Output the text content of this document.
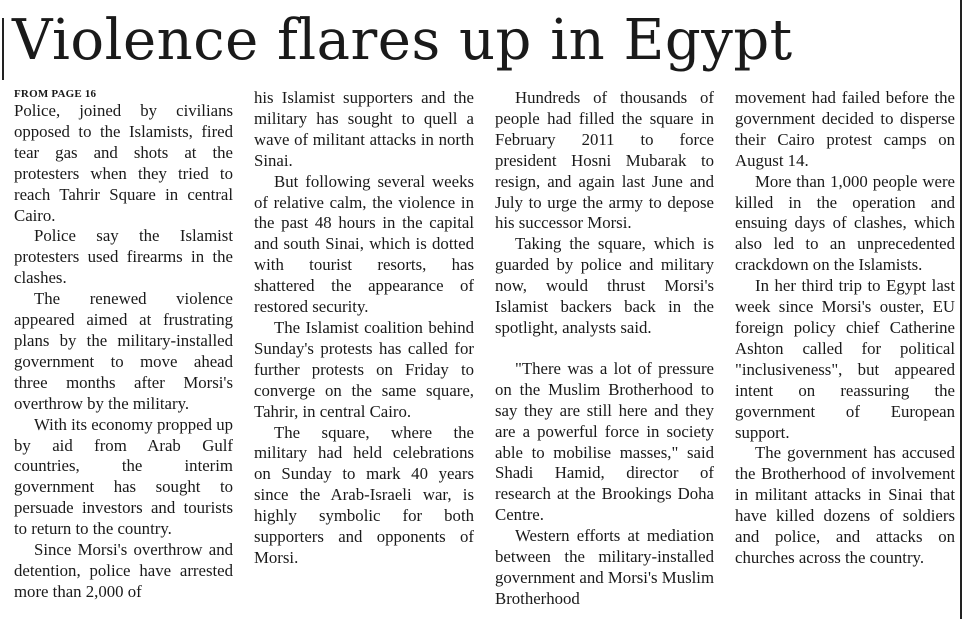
Violence flares up in Egypt
FROM PAGE 16

Police, joined by civilians opposed to the Islamists, fired tear gas and shots at the protesters when they tried to reach Tahrir Square in central Cairo.

Police say the Islamist protesters used firearms in the clashes.

The renewed violence appeared aimed at frustrating plans by the military-installed government to move ahead three months after Morsi's overthrow by the military.

With its economy propped up by aid from Arab Gulf countries, the interim government has sought to persuade investors and tourists to return to the country.

Since Morsi's overthrow and detention, police have arrested more than 2,000 of

his Islamist supporters and the military has sought to quell a wave of militant attacks in north Sinai.

But following several weeks of relative calm, the violence in the past 48 hours in the capital and south Sinai, which is dotted with tourist resorts, has shattered the appearance of restored security.

The Islamist coalition behind Sunday's protests has called for further protests on Friday to converge on the same square, Tahrir, in central Cairo.

The square, where the military had held celebrations on Sunday to mark 40 years since the Arab-Israeli war, is highly symbolic for both supporters and opponents of Morsi.

Hundreds of thousands of people had filled the square in February 2011 to force president Hosni Mubarak to resign, and again last June and July to urge the army to depose his successor Morsi.

Taking the square, which is guarded by police and military now, would thrust Morsi's Islamist backers back in the spotlight, analysts said.

"There was a lot of pressure on the Muslim Brotherhood to say they are still here and they are a powerful force in society able to mobilise masses," said Shadi Hamid, director of research at the Brookings Doha Centre.

Western efforts at mediation between the military-installed government and Morsi's Muslim Brotherhood

movement had failed before the government decided to disperse their Cairo protest camps on August 14.

More than 1,000 people were killed in the operation and ensuing days of clashes, which also led to an unprecedented crackdown on the Islamists.

In her third trip to Egypt last week since Morsi's ouster, EU foreign policy chief Catherine Ashton called for political "inclusiveness", but appeared intent on reassuring the government of European support.

The government has accused the Brotherhood of involvement in militant attacks in Sinai that have killed dozens of soldiers and police, and attacks on churches across the country.
